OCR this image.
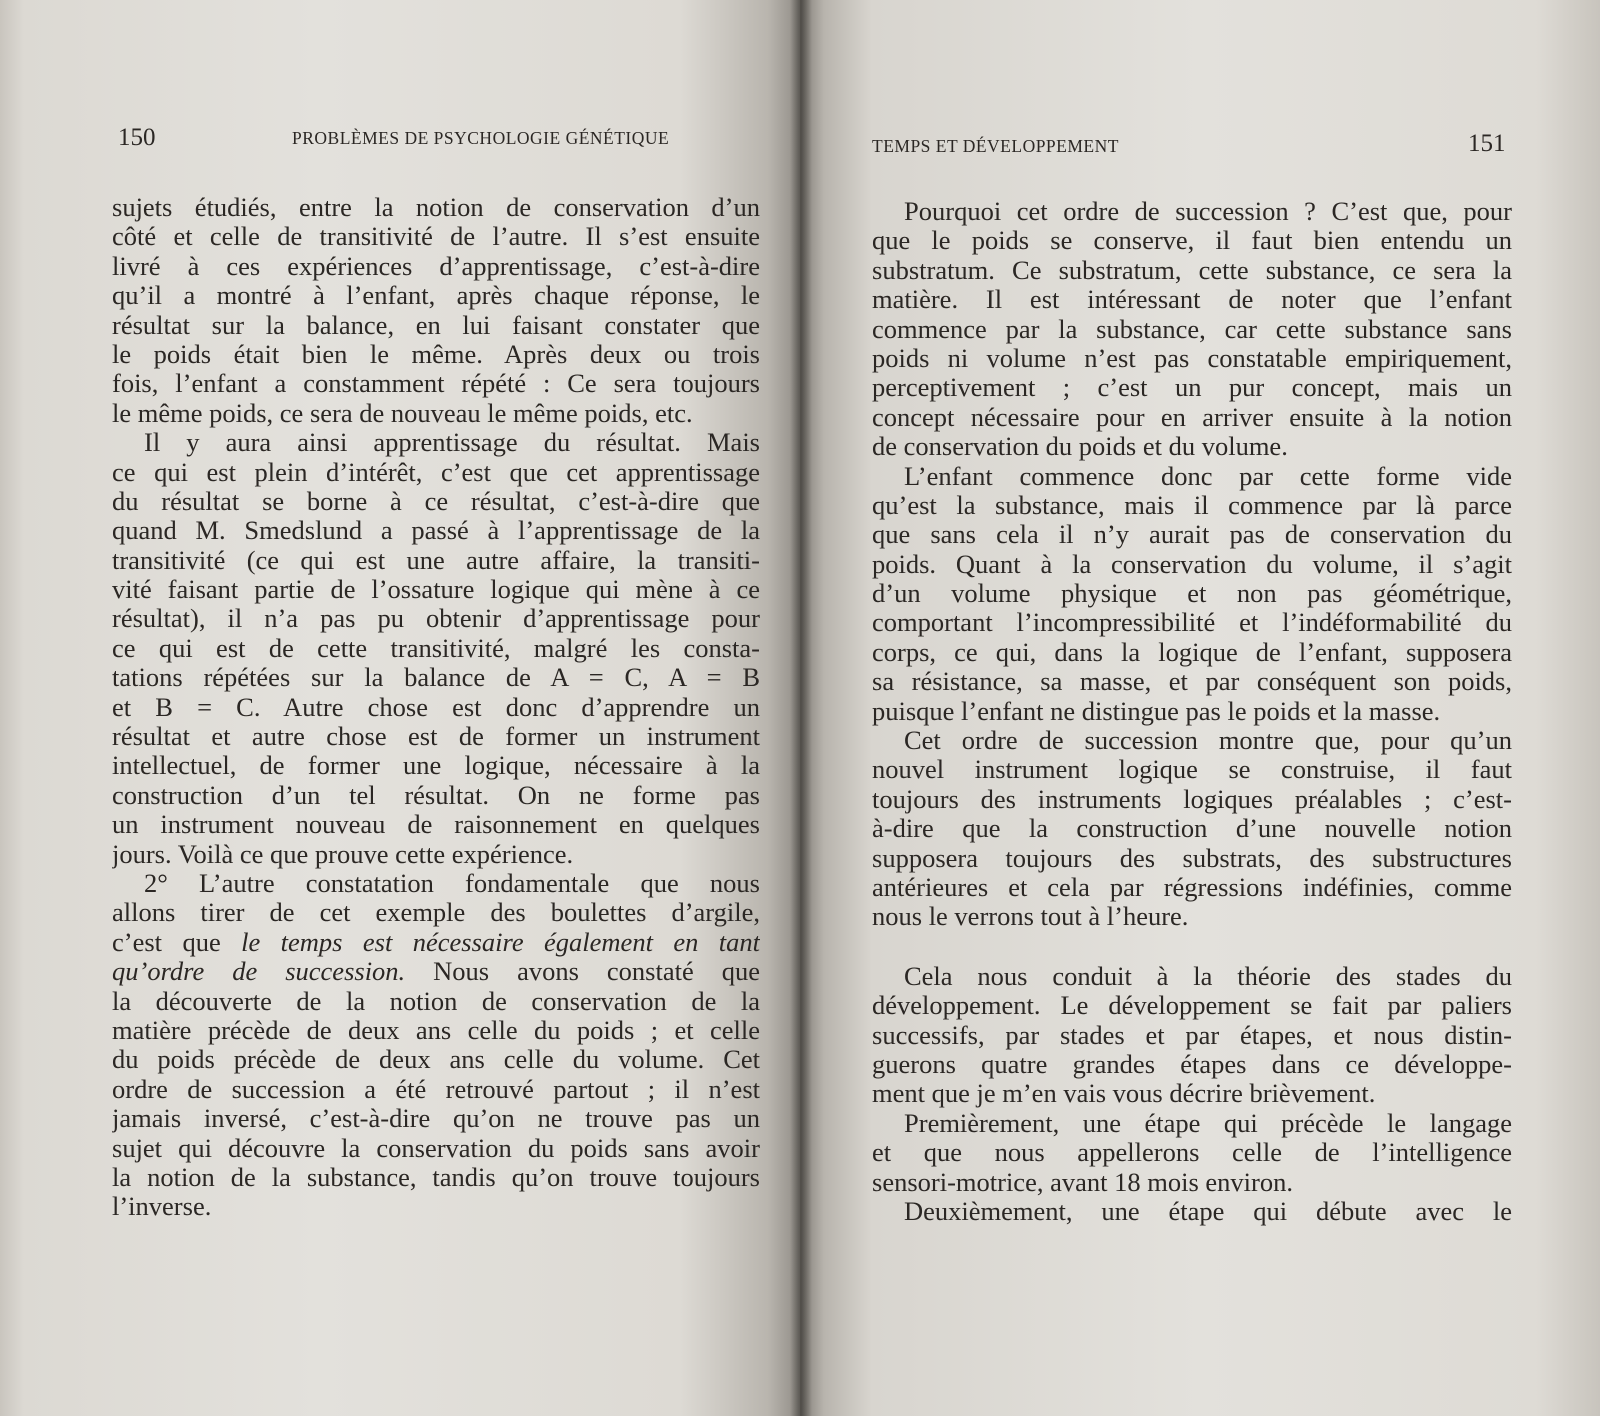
150	PROBLÈMES DE PSYCHOLOGIE GÉNÉTIQUE
sujets étudiés, entre la notion de conservation d’un
côté et celle de transitivité de l’autre. Il s’est ensuite
livré à ces expériences d’apprentissage, c’est-à-dire
qu’il a montré à l’enfant, après chaque réponse, le
résultat sur la balance, en lui faisant constater que
le poids était bien le même. Après deux ou trois
fois, l’enfant a constamment répété : Ce sera toujours
le même poids, ce sera de nouveau le même poids, etc.
Il y aura ainsi apprentissage du résultat. Mais
ce qui est plein d’intérêt, c’est que cet apprentissage
du résultat se borne à ce résultat, c’est-à-dire que
quand M. Smedslund a passé à l’apprentissage de la
transitivité (ce qui est une autre affaire, la transiti-
vité faisant partie de l’ossature logique qui mène à ce
résultat), il n’a pas pu obtenir d’apprentissage pour
ce qui est de cette transitivité, malgré les consta-
tations répétées sur la balance de A = C, A = B
et B = C. Autre chose est donc d’apprendre un
résultat et autre chose est de former un instrument
intellectuel, de former une logique, nécessaire à la
construction d’un tel résultat. On ne forme pas
un instrument nouveau de raisonnement en quelques
jours. Voilà ce que prouve cette expérience.
2° L’autre constatation fondamentale que nous
allons tirer de cet exemple des boulettes d’argile,
c’est que le temps est nécessaire également en tant
qu’ordre de succession. Nous avons constaté que
la découverte de la notion de conservation de la
matière précède de deux ans celle du poids ; et celle
du poids précède de deux ans celle du volume. Cet
ordre de succession a été retrouvé partout ; il n’est
jamais inversé, c’est-à-dire qu’on ne trouve pas un
sujet qui découvre la conservation du poids sans avoir
la notion de la substance, tandis qu’on trouve toujours
l’inverse.
TEMPS ET DÉVELOPPEMENT	151
Pourquoi cet ordre de succession ? C’est que, pour
que le poids se conserve, il faut bien entendu un
substratum. Ce substratum, cette substance, ce sera la
matière. Il est intéressant de noter que l’enfant
commence par la substance, car cette substance sans
poids ni volume n’est pas constatable empiriquement,
perceptivement ; c’est un pur concept, mais un
concept nécessaire pour en arriver ensuite à la notion
de conservation du poids et du volume.
L’enfant commence donc par cette forme vide
qu’est la substance, mais il commence par là parce
que sans cela il n’y aurait pas de conservation du
poids. Quant à la conservation du volume, il s’agit
d’un volume physique et non pas géométrique,
comportant l’incompressibilité et l’indéformabilité du
corps, ce qui, dans la logique de l’enfant, supposera
sa résistance, sa masse, et par conséquent son poids,
puisque l’enfant ne distingue pas le poids et la masse.
Cet ordre de succession montre que, pour qu’un
nouvel instrument logique se construise, il faut
toujours des instruments logiques préalables ; c’est-
à-dire que la construction d’une nouvelle notion
supposera toujours des substrats, des substructures
antérieures et cela par régressions indéfinies, comme
nous le verrons tout à l’heure.
Cela nous conduit à la théorie des stades du
développement. Le développement se fait par paliers
successifs, par stades et par étapes, et nous distin-
guerons quatre grandes étapes dans ce développe-
ment que je m’en vais vous décrire brièvement.
Premièrement, une étape qui précède le langage
et que nous appellerons celle de l’intelligence
sensori-motrice, avant 18 mois environ.
Deuxièmement, une étape qui débute avec le
